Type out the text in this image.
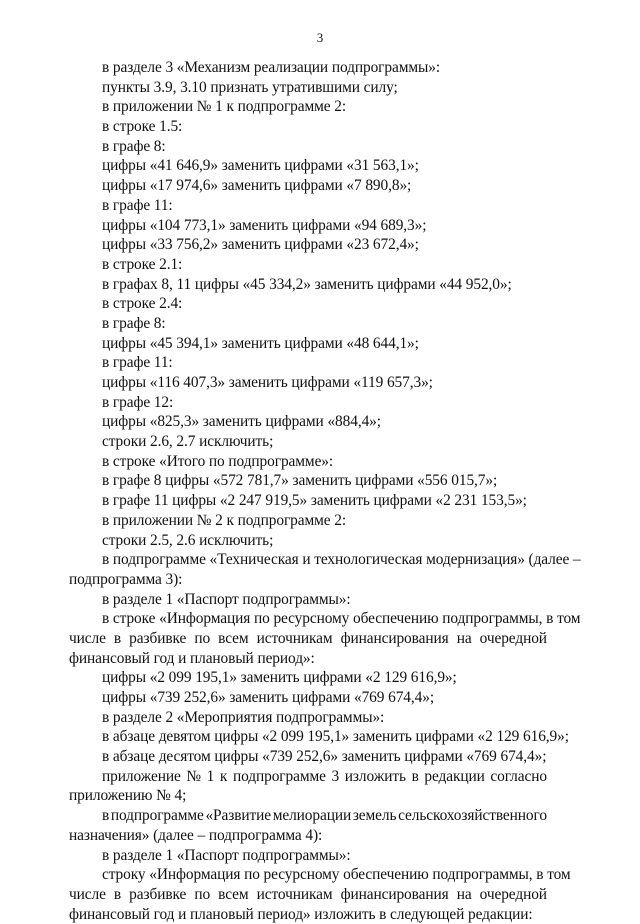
3
в разделе 3 «Механизм реализации подпрограммы»:
пункты 3.9, 3.10 признать утратившими силу;
в приложении № 1 к подпрограмме 2:
в строке 1.5:
в графе 8:
цифры «41 646,9» заменить цифрами «31 563,1»;
цифры «17 974,6» заменить цифрами «7 890,8»;
в графе 11:
цифры «104 773,1» заменить цифрами «94 689,3»;
цифры «33 756,2» заменить цифрами «23 672,4»;
в строке 2.1:
в графах 8, 11 цифры «45 334,2» заменить цифрами «44 952,0»;
в строке 2.4:
в графе 8:
цифры «45 394,1» заменить цифрами «48 644,1»;
в графе 11:
цифры «116 407,3» заменить цифрами «119 657,3»;
в графе 12:
цифры «825,3» заменить цифрами «884,4»;
строки 2.6, 2.7 исключить;
в строке «Итого по подпрограмме»:
в графе 8 цифры «572 781,7» заменить цифрами «556 015,7»;
в графе 11 цифры «2 247 919,5» заменить цифрами «2 231 153,5»;
в приложении № 2 к подпрограмме 2:
строки 2.5, 2.6 исключить;
в подпрограмме «Техническая и технологическая модернизация» (далее –
подпрограмма 3):
в разделе 1 «Паспорт подпрограммы»:
в строке «Информация по ресурсному обеспечению подпрограммы, в том
числе в разбивке по всем источникам финансирования на очередной
финансовый год и плановый период»:
цифры «2 099 195,1» заменить цифрами «2 129 616,9»;
цифры «739 252,6» заменить цифрами «769 674,4»;
в разделе 2 «Мероприятия подпрограммы»:
в абзаце девятом цифры «2 099 195,1» заменить цифрами «2 129 616,9»;
в абзаце десятом цифры «739 252,6» заменить цифрами «769 674,4»;
приложение № 1 к подпрограмме 3 изложить в редакции согласно
приложению № 4;
в подпрограмме «Развитие мелиорации земель сельскохозяйственного
назначения» (далее – подпрограмма 4):
в разделе 1 «Паспорт подпрограммы»:
строку «Информация по ресурсному обеспечению подпрограммы, в том
числе в разбивке по всем источникам финансирования на очередной
финансовый год и плановый период» изложить в следующей редакции:
